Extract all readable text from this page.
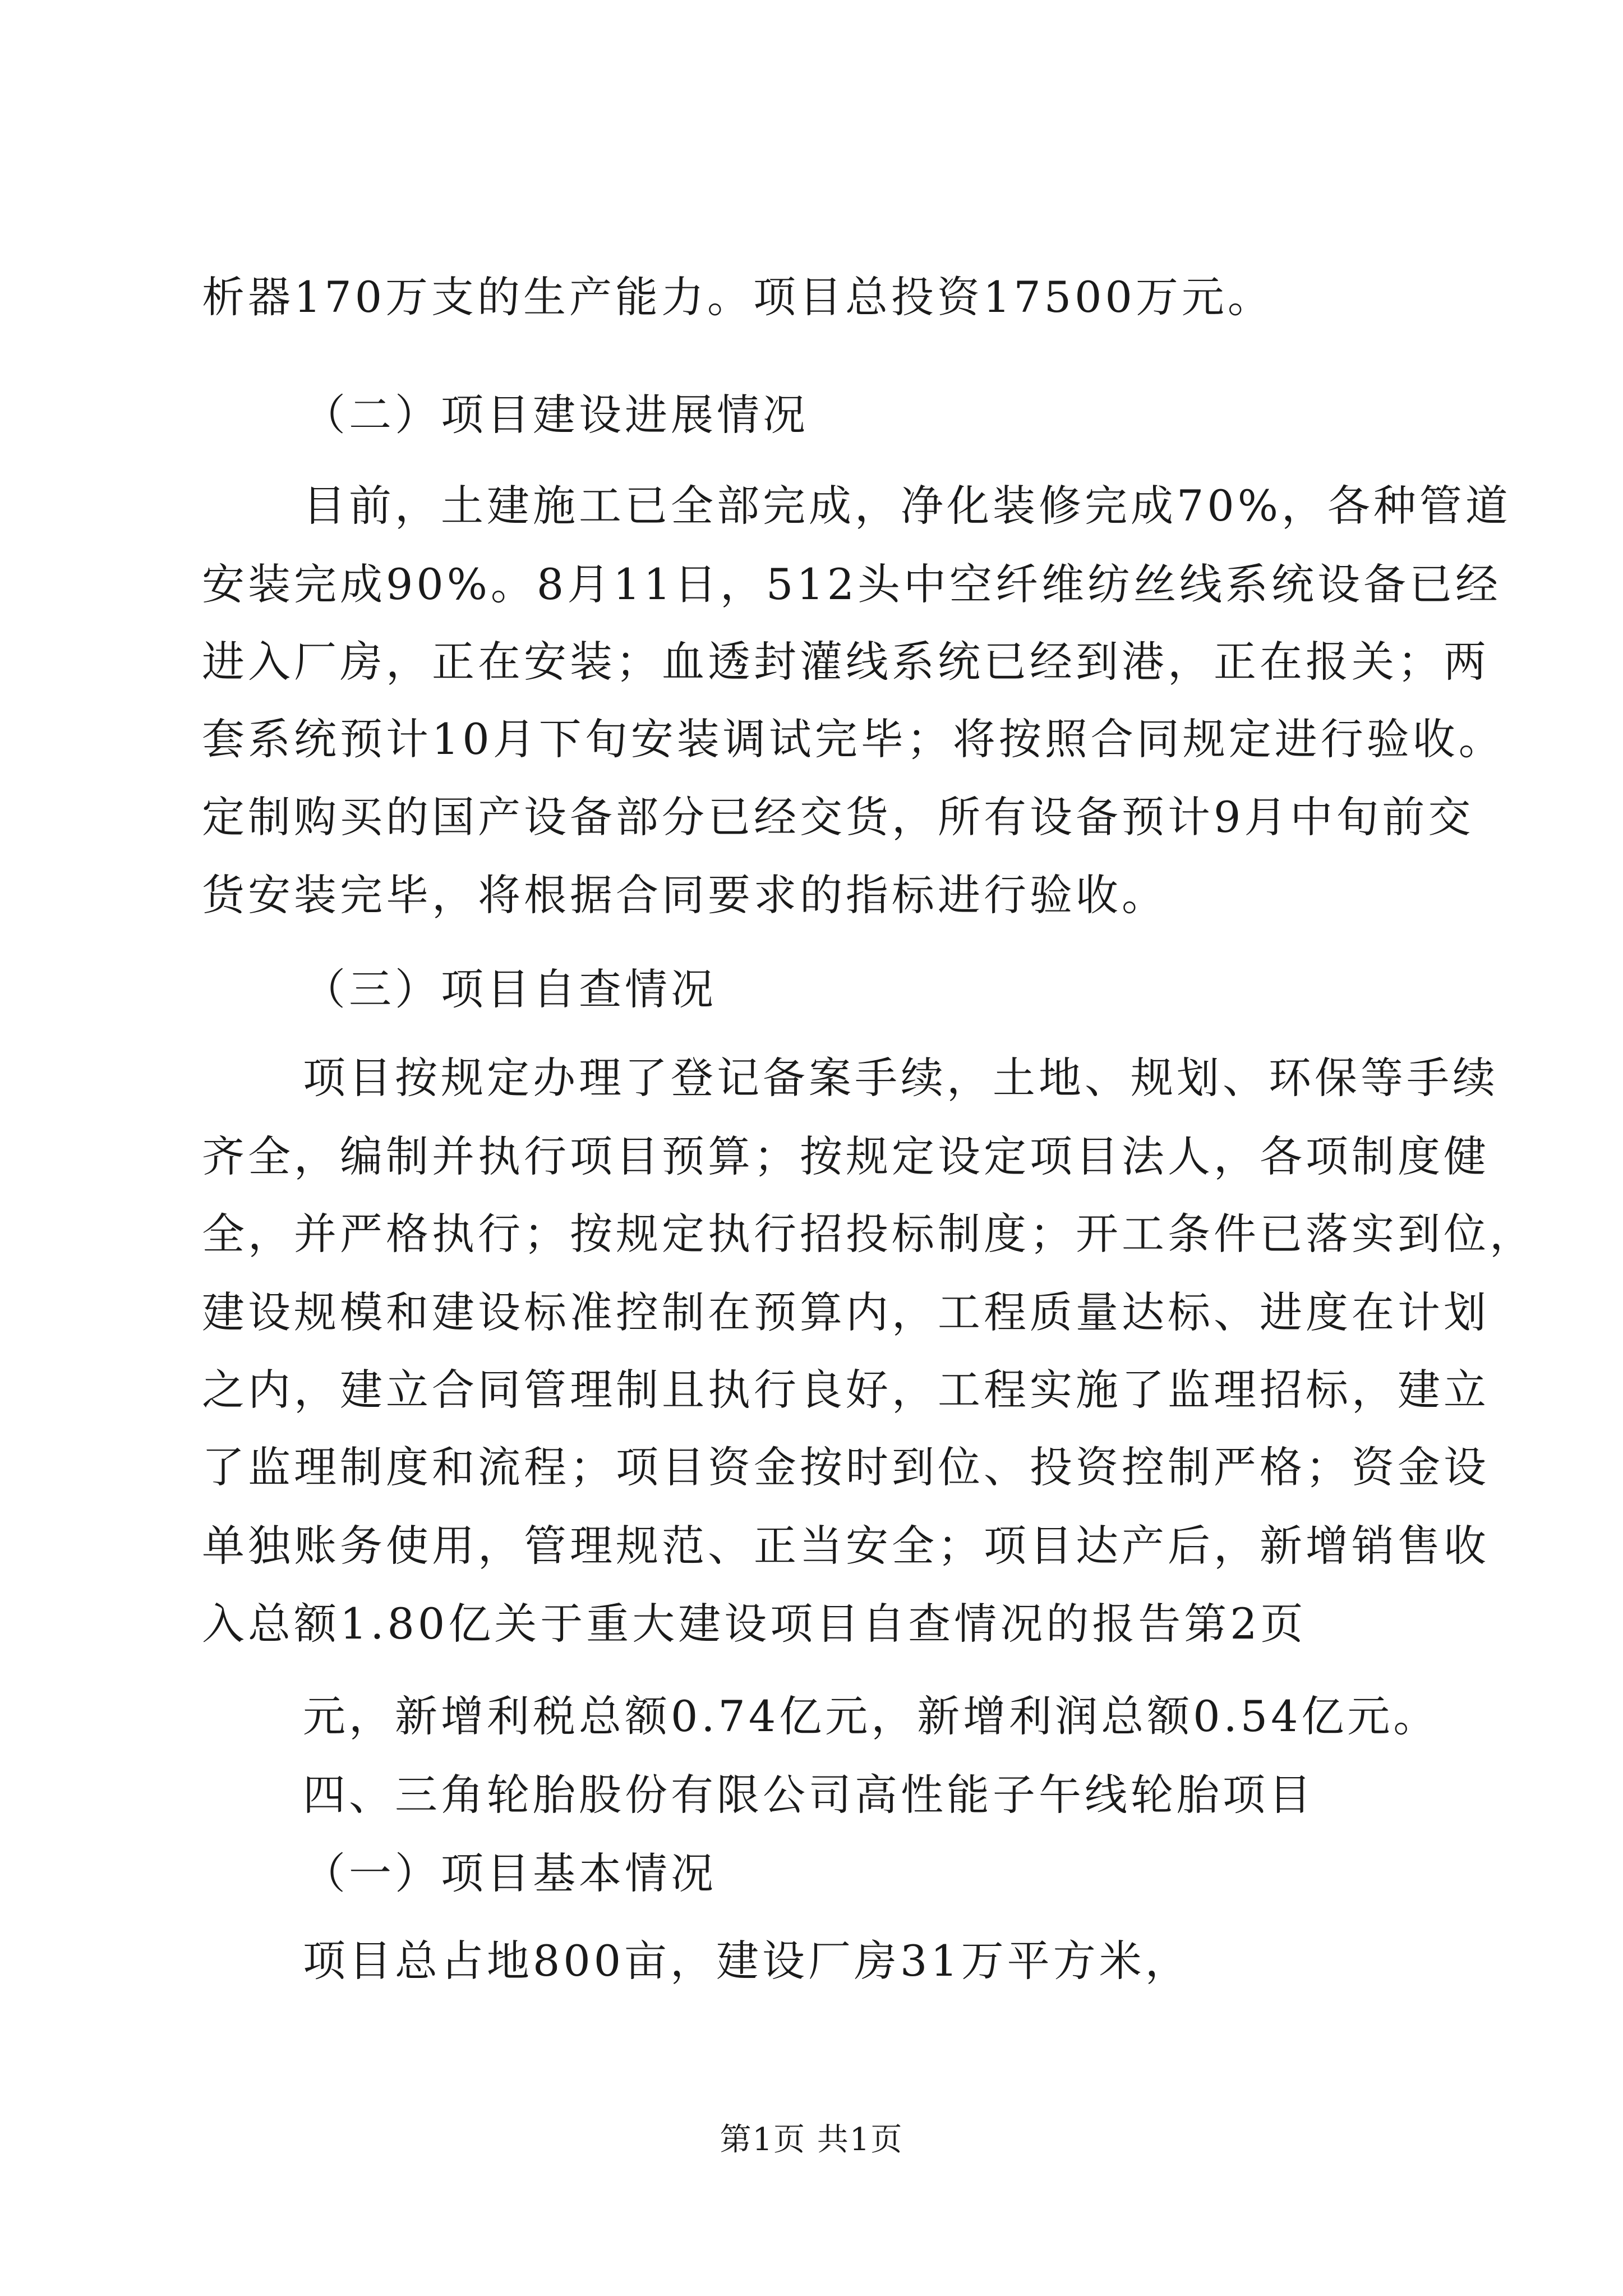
析器170万支的生产能力。项目总投资17500万元。
（二）项目建设进展情况
目前，土建施工已全部完成，净化装修完成70%，各种管道
安装完成90%。8月11日，512头中空纤维纺丝线系统设备已经
进入厂房，正在安装；血透封灌线系统已经到港，正在报关；两
套系统预计10月下旬安装调试完毕；将按照合同规定进行验收。
定制购买的国产设备部分已经交货，所有设备预计9月中旬前交
货安装完毕，将根据合同要求的指标进行验收。
（三）项目自查情况
项目按规定办理了登记备案手续，土地、规划、环保等手续
齐全，编制并执行项目预算；按规定设定项目法人，各项制度健
全，并严格执行；按规定执行招投标制度；开工条件已落实到位，
建设规模和建设标准控制在预算内，工程质量达标、进度在计划
之内，建立合同管理制且执行良好，工程实施了监理招标，建立
了监理制度和流程；项目资金按时到位、投资控制严格；资金设
单独账务使用，管理规范、正当安全；项目达产后，新增销售收
入总额1.80亿关于重大建设项目自查情况的报告第2页
元，新增利税总额0.74亿元，新增利润总额0.54亿元。
四、三角轮胎股份有限公司高性能子午线轮胎项目
（一）项目基本情况
项目总占地800亩，建设厂房31万平方米，
第1页 共1页
